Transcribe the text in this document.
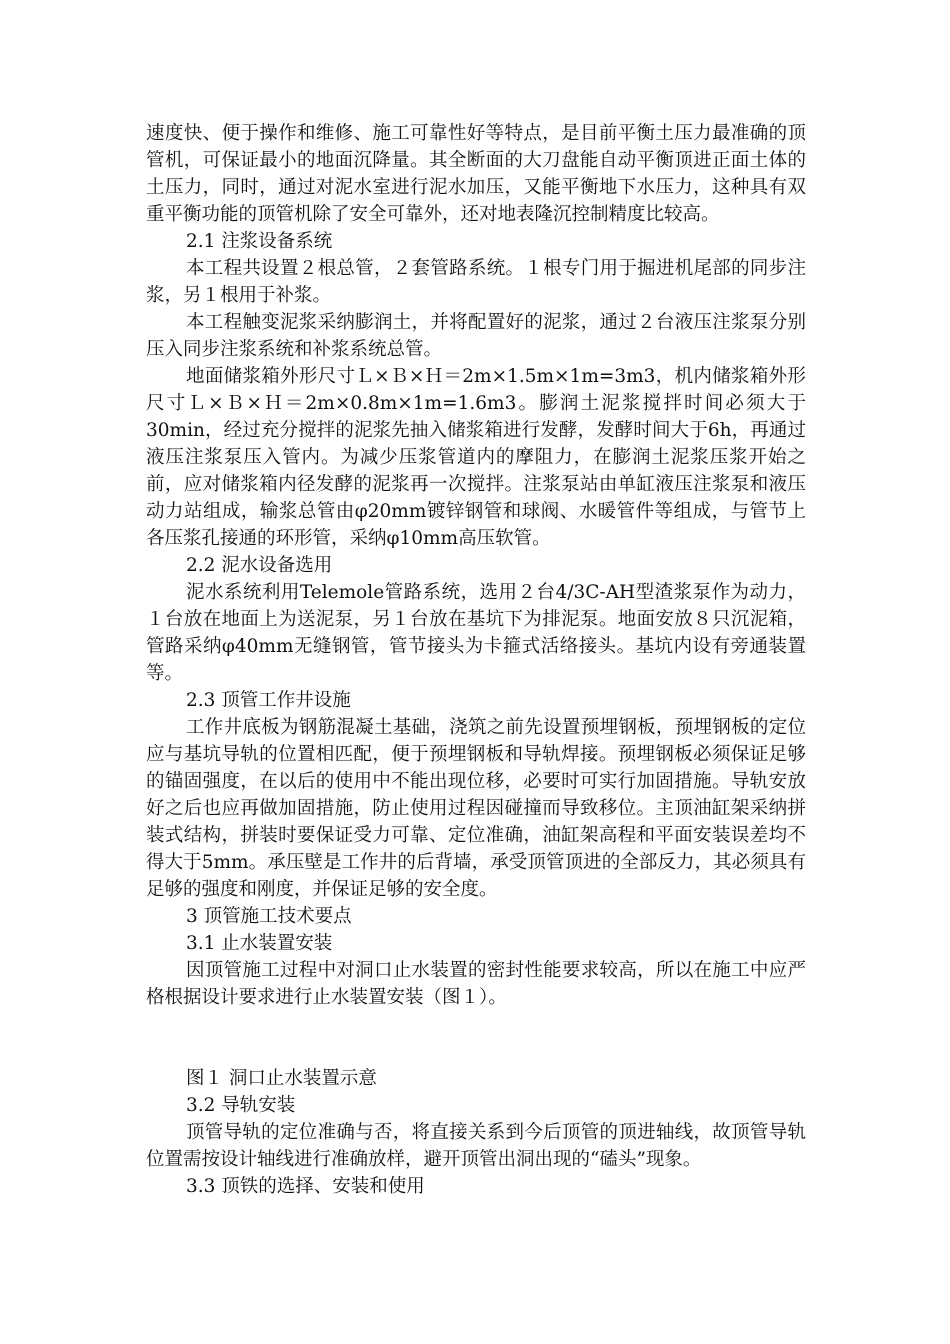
速度快、便于操作和维修、施工可靠性好等特点，是目前平衡土压力最准确的顶管机，可保证最小的地面沉降量。其全断面的大刀盘能自动平衡顶进正面土体的土压力，同时，通过对泥水室进行泥水加压，又能平衡地下水压力，这种具有双重平衡功能的顶管机除了安全可靠外，还对地表隆沉控制精度比较高。

2.1 注浆设备系统

本工程共设置２根总管，２套管路系统。１根专门用于掘进机尾部的同步注浆，另１根用于补浆。

本工程触变泥浆采纳膨润土，并将配置好的泥浆，通过２台液压注浆泵分别压入同步注浆系统和补浆系统总管。

地面储浆箱外形尺寸Ｌ×Ｂ×Ｈ＝2m×1.5m×1m=3m3，机内储浆箱外形尺寸Ｌ×Ｂ×Ｈ＝2m×0.8m×1m=1.6m3。膨润土泥浆搅拌时间必须大于30min，经过充分搅拌的泥浆先抽入储浆箱进行发酵，发酵时间大于6h，再通过液压注浆泵压入管内。为减少压浆管道内的摩阻力，在膨润土泥浆压浆开始之前，应对储浆箱内径发酵的泥浆再一次搅拌。注浆泵站由单缸液压注浆泵和液压动力站组成，输浆总管由φ20mm镀锌钢管和球阀、水暖管件等组成，与管节上各压浆孔接通的环形管，采纳φ10mm高压软管。

2.2 泥水设备选用

泥水系统利用Telemole管路系统，选用２台4/3C-AH型渣浆泵作为动力，１台放在地面上为送泥泵，另１台放在基坑下为排泥泵。地面安放８只沉泥箱，管路采纳φ40mm无缝钢管，管节接头为卡箍式活络接头。基坑内设有旁通装置等。

2.3 顶管工作井设施

工作井底板为钢筋混凝土基础，浇筑之前先设置预埋钢板，预埋钢板的定位应与基坑导轨的位置相匹配，便于预埋钢板和导轨焊接。预埋钢板必须保证足够的锚固强度，在以后的使用中不能出现位移，必要时可实行加固措施。导轨安放好之后也应再做加固措施，防止使用过程因碰撞而导致移位。主顶油缸架采纳拼装式结构，拼装时要保证受力可靠、定位准确，油缸架高程和平面安装误差均不得大于5mm。承压壁是工作井的后背墙，承受顶管顶进的全部反力，其必须具有足够的强度和刚度，并保证足够的安全度。

3 顶管施工技术要点

3.1 止水装置安装

因顶管施工过程中对洞口止水装置的密封性能要求较高，所以在施工中应严格根据设计要求进行止水装置安装（图１）。

图１ 洞口止水装置示意

3.2 导轨安装

顶管导轨的定位准确与否，将直接关系到今后顶管的顶进轴线，故顶管导轨位置需按设计轴线进行准确放样，避开顶管出洞出现的“磕头”现象。

3.3 顶铁的选择、安装和使用
